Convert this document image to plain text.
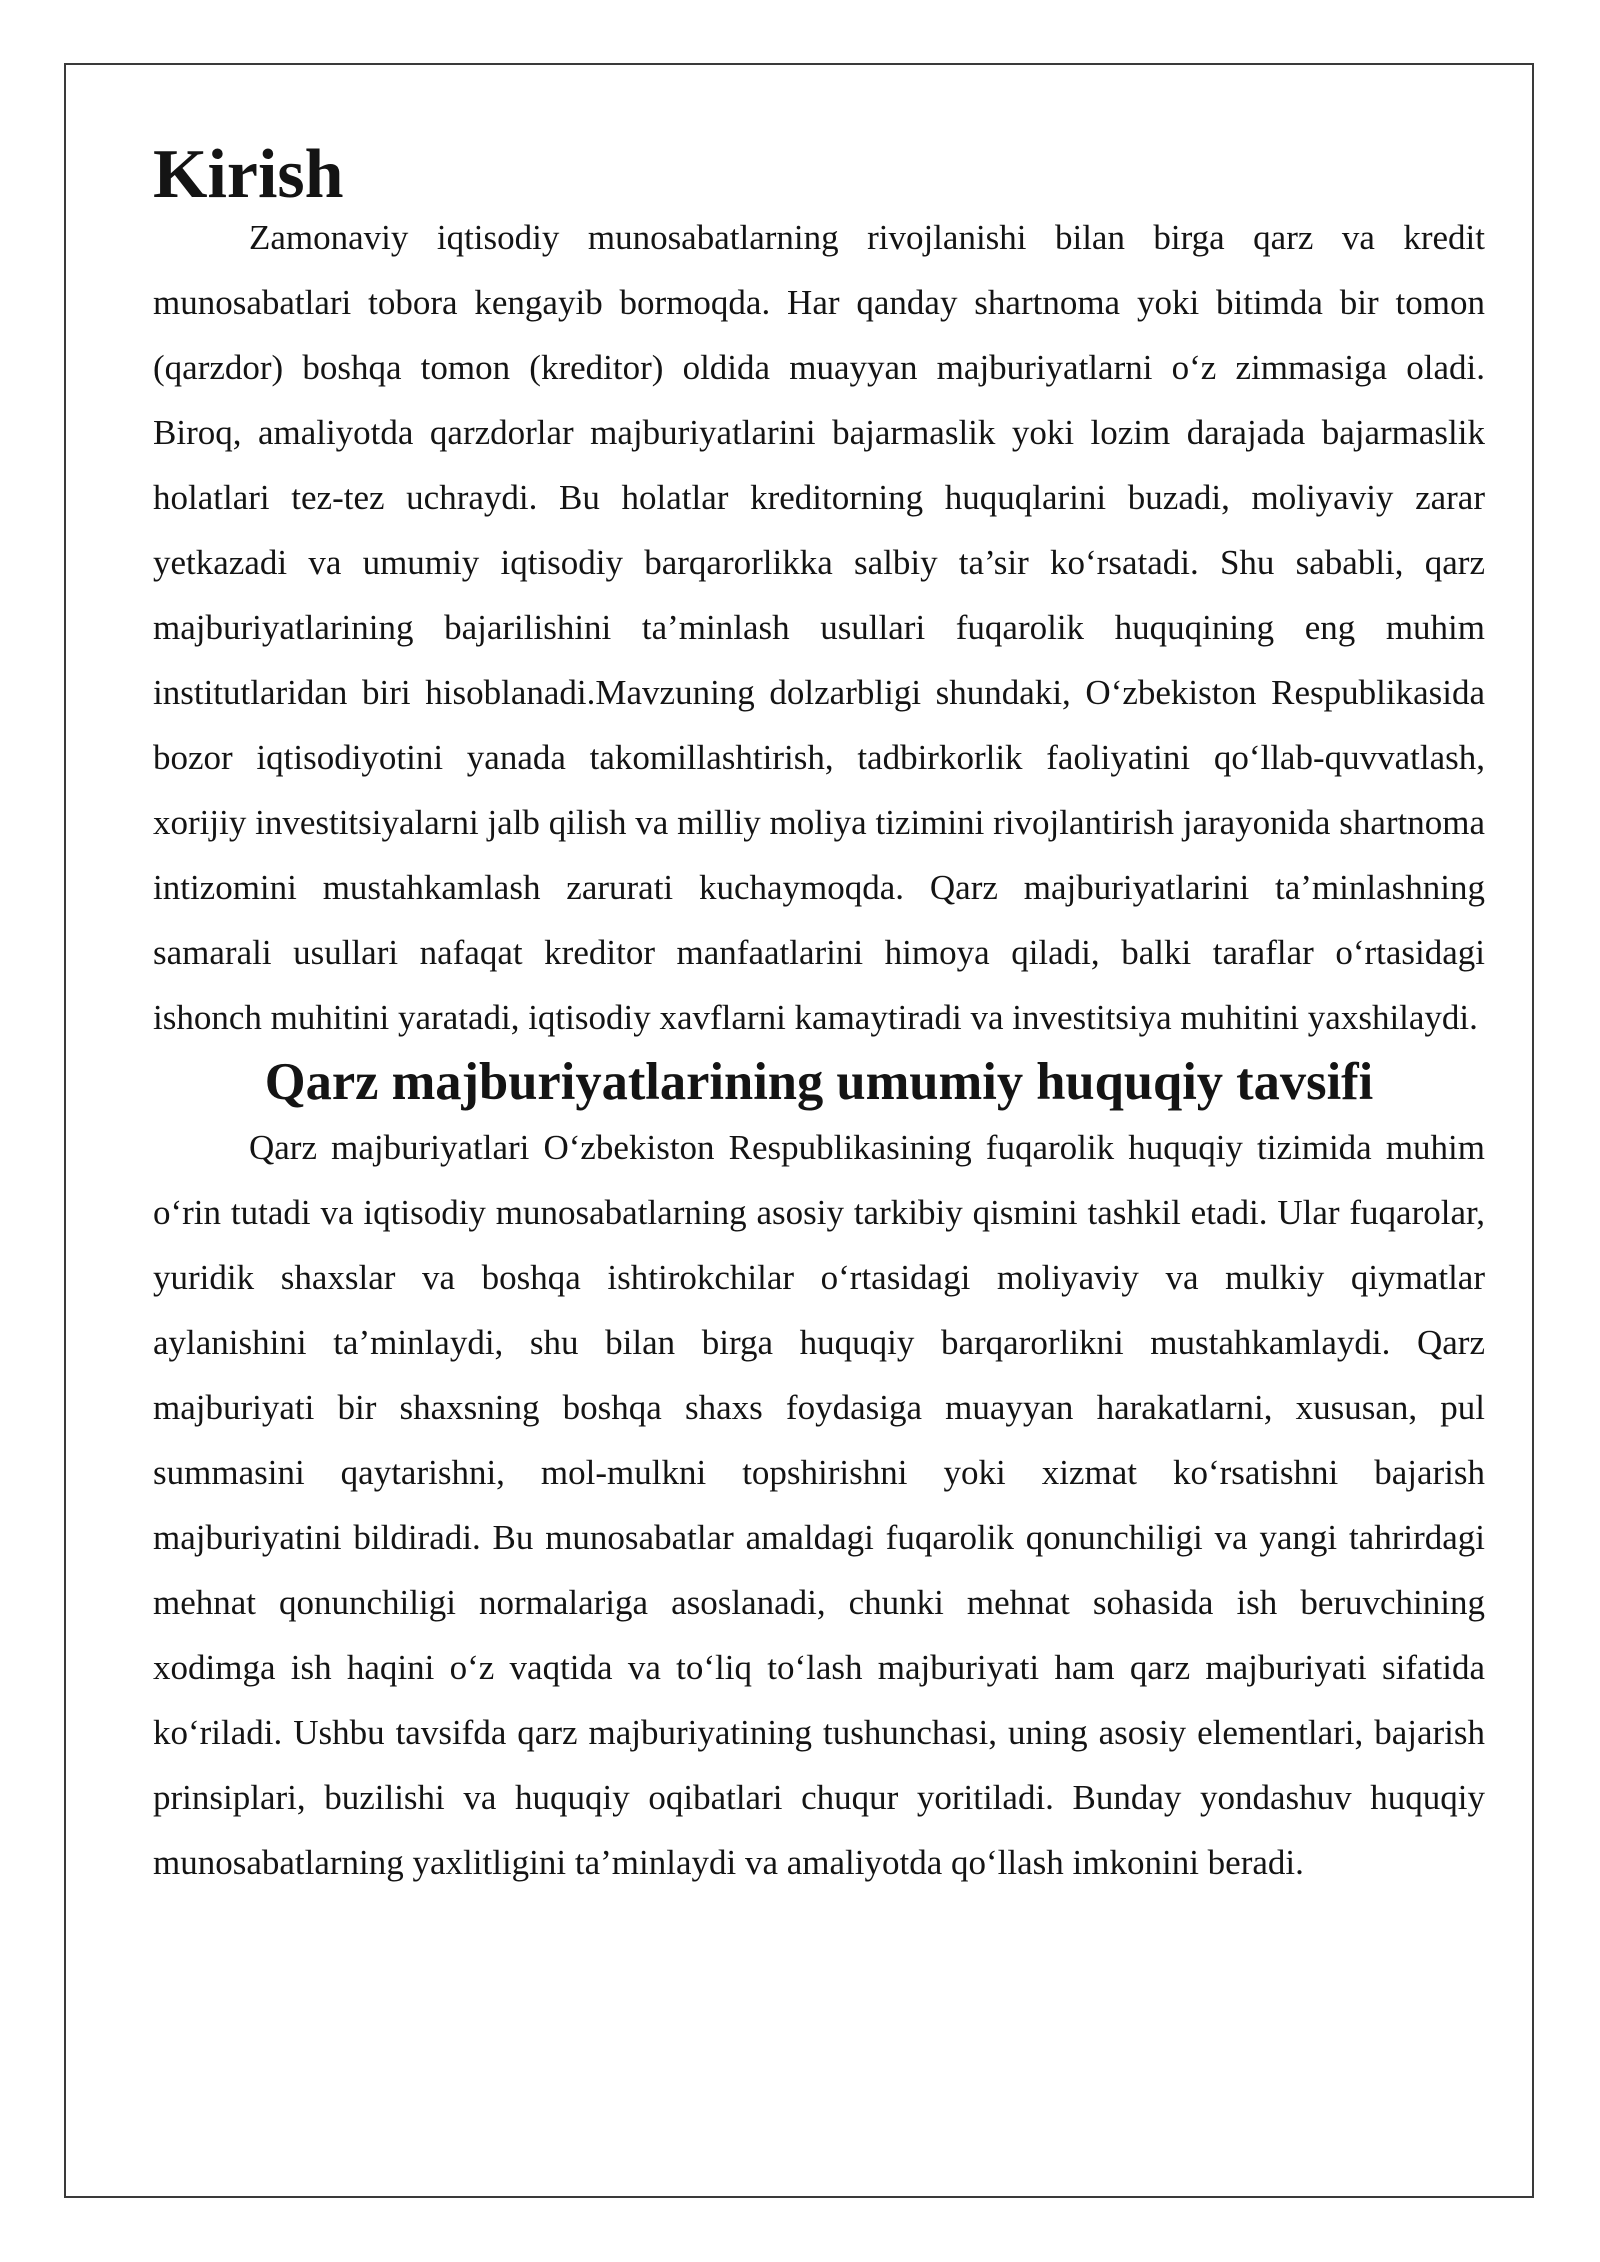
Kirish

Zamonaviy iqtisodiy munosabatlarning rivojlanishi bilan birga qarz va kredit munosabatlari tobora kengayib bormoqda. Har qanday shartnoma yoki bitimda bir tomon (qarzdor) boshqa tomon (kreditor) oldida muayyan majburiyatlarni o‘z zimmasiga oladi. Biroq, amaliyotda qarzdorlar majburiyatlarini bajarmaslik yoki lozim darajada bajarmaslik holatlari tez-tez uchraydi. Bu holatlar kreditorning huquqlarini buzadi, moliyaviy zarar yetkazadi va umumiy iqtisodiy barqarorlikka salbiy ta’sir ko‘rsatadi. Shu sababli, qarz majburiyatlarining bajarilishini ta’minlash usullari fuqarolik huquqining eng muhim institutlaridan biri hisoblanadi.Mavzuning dolzarbligi shundaki, O‘zbekiston Respublikasida bozor iqtisodiyotini yanada takomillashtirish, tadbirkorlik faoliyatini qo‘llab-quvvatlash, xorijiy investitsiyalarni jalb qilish va milliy moliya tizimini rivojlantirish jarayonida shartnoma intizomini mustahkamlash zarurati kuchaymoqda. Qarz majburiyatlarini ta’minlashning samarali usullari nafaqat kreditor manfaatlarini himoya qiladi, balki taraflar o‘rtasidagi ishonch muhitini yaratadi, iqtisodiy xavflarni kamaytiradi va investitsiya muhitini yaxshilaydi.

Qarz majburiyatlarining umumiy huquqiy tavsifi

Qarz majburiyatlari O‘zbekiston Respublikasining fuqarolik huquqiy tizimida muhim o‘rin tutadi va iqtisodiy munosabatlarning asosiy tarkibiy qismini tashkil etadi. Ular fuqarolar, yuridik shaxslar va boshqa ishtirokchilar o‘rtasidagi moliyaviy va mulkiy qiymatlar aylanishini ta’minlaydi, shu bilan birga huquqiy barqarorlikni mustahkamlaydi. Qarz majburiyati bir shaxsning boshqa shaxs foydasiga muayyan harakatlarni, xususan, pul summasini qaytarishni, mol-mulkni topshirishni yoki xizmat ko‘rsatishni bajarish majburiyatini bildiradi. Bu munosabatlar amaldagi fuqarolik qonunchiligi va yangi tahrirdagi mehnat qonunchiligi normalariga asoslanadi, chunki mehnat sohasida ish beruvchining xodimga ish haqini o‘z vaqtida va to‘liq to‘lash majburiyati ham qarz majburiyati sifatida ko‘riladi. Ushbu tavsifda qarz majburiyatining tushunchasi, uning asosiy elementlari, bajarish prinsiplari, buzilishi va huquqiy oqibatlari chuqur yoritiladi. Bunday yondashuv huquqiy munosabatlarning yaxlitligini ta’minlaydi va amaliyotda qo‘llash imkonini beradi.
